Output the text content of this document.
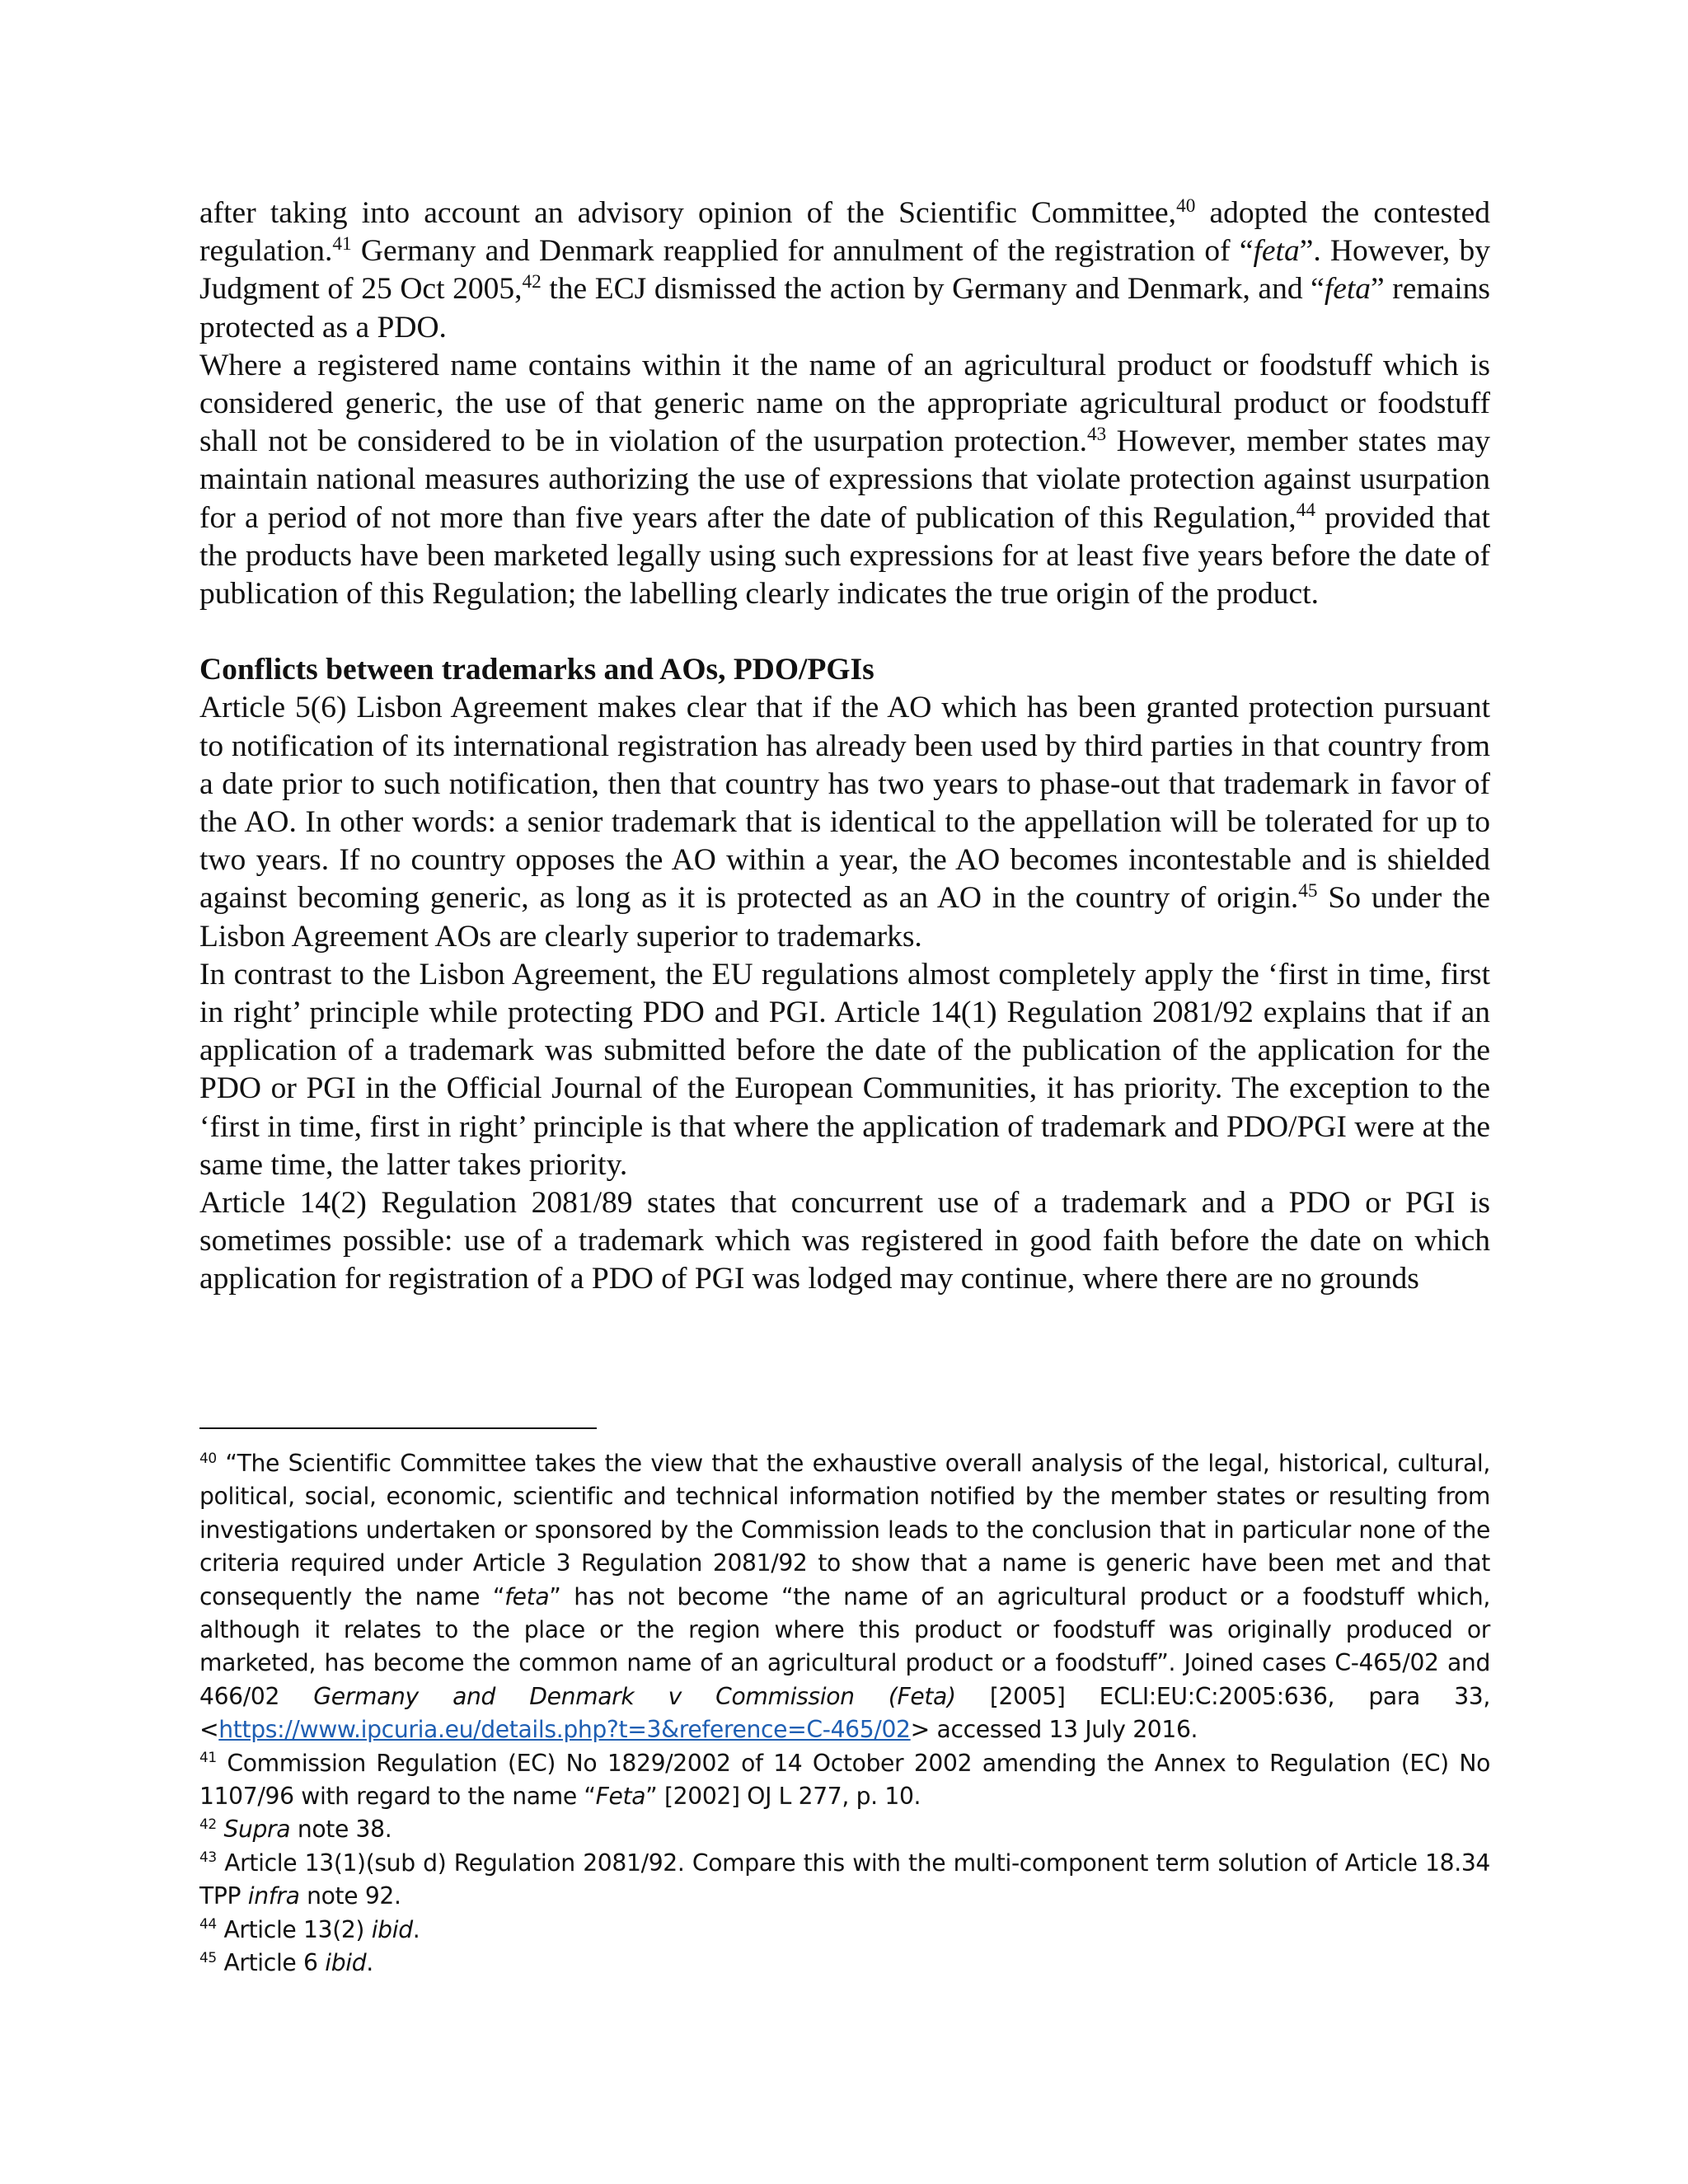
after taking into account an advisory opinion of the Scientific Committee,$^{40}$ adopted the contested regulation.$^{41}$ Germany and Denmark reapplied for annulment of the registration of “feta”. However, by Judgment of 25 Oct 2005,42 the ECJ dismissed the action by Germany and Denmark, and “feta” remains protected as a PDO.

Where a registered name contains within it the name of an agricultural product or foodstuff which is considered generic, the use of that generic name on the appropriate agricultural product or foodstuff shall not be considered to be in violation of the usurpation protection.$^{43}$ However, member states may maintain national measures authorizing the use of expressions that violate protection against usurpation for a period of not more than five years after the date of publication of this Regulation,$^{44}$ provided that the products have been marketed legally using such expressions for at least five years before the date of publication of this Regulation; the labelling clearly indicates the true origin of the product.

Conflicts between trademarks and AOs, PDO/PGIs

Article 5(6) Lisbon Agreement makes clear that if the AO which has been granted protection pursuant to notification of its international registration has already been used by third parties in that country from a date prior to such notification, then that country has two years to phase-out that trademark in favor of the AO. In other words: a senior trademark that is identical to the appellation will be tolerated for up to two years. If no country opposes the AO within a year, the AO becomes incontestable and is shielded against becoming generic, as long as it is protected as an AO in the country of origin.$^{45}$ So under the Lisbon Agreement AOs are clearly superior to trademarks.

In contrast to the Lisbon Agreement, the EU regulations almost completely apply the ‘first in time, first in right’ principle while protecting PDO and PGI. Article 14(1) Regulation 2081/92 explains that if an application of a trademark was submitted before the date of the publication of the application for the PDO or PGI in the Official Journal of the European Communities, it has priority. The exception to the ‘first in time, first in right’ principle is that where the application of trademark and PDO/PGI were at the same time, the latter takes priority.

Article 14(2) Regulation 2081/89 states that concurrent use of a trademark and a PDO or PGI is sometimes possible: use of a trademark which was registered in good faith before the date on which application for registration of a PDO of PGI was lodged may continue, where there are no grounds

$^{40}$ “The Scientific Committee takes the view that the exhaustive overall analysis of the legal, historical, cultural, political, social, economic, scientific and technical information notified by the member states or resulting from investigations undertaken or sponsored by the Commission leads to the conclusion that in particular none of the criteria required under Article 3 Regulation 2081/92 to show that a name is generic have been met and that consequently the name “feta” has not become “the name of an agricultural product or a foodstuff which, although it relates to the place or the region where this product or foodstuff was originally produced or marketed, has become the common name of an agricultural product or a foodstuff”. Joined cases C-465/02 and 466/02 Germany and Denmark v Commission (Feta) [2005] ECLI:EU:C:2005:636, para 33, <https://www.ipcuria.eu/details.php?t=3&reference=C-465/02> accessed 13 July 2016.

$^{41}$ Commission Regulation (EC) No 1829/2002 of 14 October 2002 amending the Annex to Regulation (EC) No 1107/96 with regard to the name “Feta” [2002] OJ L 277, p. 10.

$^{42}$ Supra note 38.

$^{43}$ Article 13(1)(sub d) Regulation 2081/92. Compare this with the multi-component term solution of Article 18.34 TPP infra note 92.

$^{44}$ Article 13(2) ibid.

$^{45}$ Article 6 ibid.
